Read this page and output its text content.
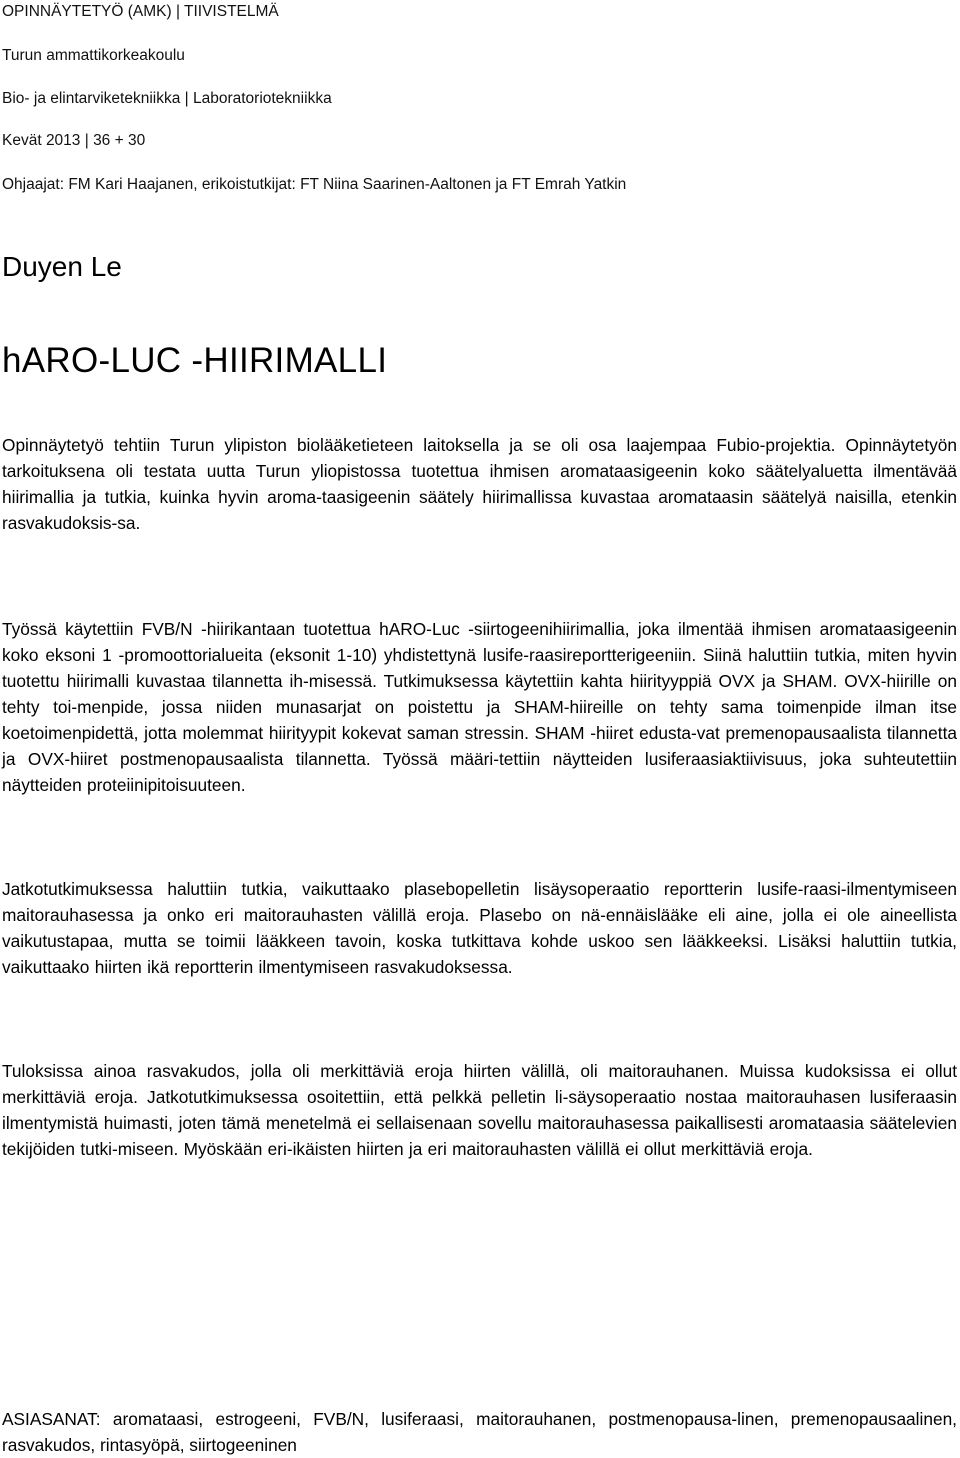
OPINNÄYTETYÖ (AMK) | TIIVISTELMÄ
Turun ammattikorkeakoulu
Bio- ja elintarviketekniikka | Laboratoriotekniikka
Kevät 2013 | 36 + 30
Ohjaajat: FM Kari Haajanen, erikoistutkijat: FT Niina Saarinen-Aaltonen ja FT Emrah Yatkin
Duyen Le
hARO-LUC -HIIRIMALLI

Opinnäytetyö tehtiin Turun ylipiston biolääketieteen laitoksella ja se oli osa laajempaa Fubio-projektia. Opinnäytetyön tarkoituksena oli testata uutta Turun yliopistossa tuotettua ihmisen aromataasigeenin koko säätelyaluetta ilmentävää hiirimallia ja tutkia, kuinka hyvin aroma-taasigeenin säätely hiirimallissa kuvastaa aromataasin säätelyä naisilla, etenkin rasvakudoksis-sa.

Työssä käytettiin FVB/N -hiirikantaan tuotettua hARO-Luc -siirtogeenihiirimallia, joka ilmentää ihmisen aromataasigeenin koko eksoni 1 -promoottorialueita (eksonit 1-10) yhdistettynä lusife-raasireportterigeeniin. Siinä haluttiin tutkia, miten hyvin tuotettu hiirimalli kuvastaa tilannetta ih-misessä. Tutkimuksessa käytettiin kahta hiirityyppiä OVX ja SHAM. OVX-hiirille on tehty toi-menpide, jossa niiden munasarjat on poistettu ja SHAM-hiireille on tehty sama toimenpide ilman itse koetoimenpidettä, jotta molemmat hiirityypit kokevat saman stressin. SHAM -hiiret edusta-vat premenopausaalista tilannetta ja OVX-hiiret postmenopausaalista tilannetta. Työssä määri-tettiin näytteiden lusiferaasiaktiivisuus, joka suhteutettiin näytteiden proteiinipitoisuuteen.

Jatkotutkimuksessa haluttiin tutkia, vaikuttaako plasebopelletin lisäysoperaatio reportterin lusife-raasi-ilmentymiseen maitorauhasessa ja onko eri maitorauhasten välillä eroja. Plasebo on nä-ennäislääke eli aine, jolla ei ole aineellista vaikutustapaa, mutta se toimii lääkkeen tavoin, koska tutkittava kohde uskoo sen lääkkeeksi. Lisäksi haluttiin tutkia, vaikuttaako hiirten ikä reportterin ilmentymiseen rasvakudoksessa.

Tuloksissa ainoa rasvakudos, jolla oli merkittäviä eroja hiirten välillä, oli maitorauhanen. Muissa kudoksissa ei ollut merkittäviä eroja. Jatkotutkimuksessa osoitettiin, että pelkkä pelletin li-säysoperaatio nostaa maitorauhasen lusiferaasin ilmentymistä huimasti, joten tämä menetelmä ei sellaisenaan sovellu maitorauhasessa paikallisesti aromataasia säätelevien tekijöiden tutki-miseen. Myöskään eri-ikäisten hiirten ja eri maitorauhasten välillä ei ollut merkittäviä eroja.

ASIASANAT: aromataasi, estrogeeni, FVB/N, lusiferaasi, maitorauhanen, postmenopausa-linen, premenopausaalinen, rasvakudos, rintasyöpä, siirtogeeninen
